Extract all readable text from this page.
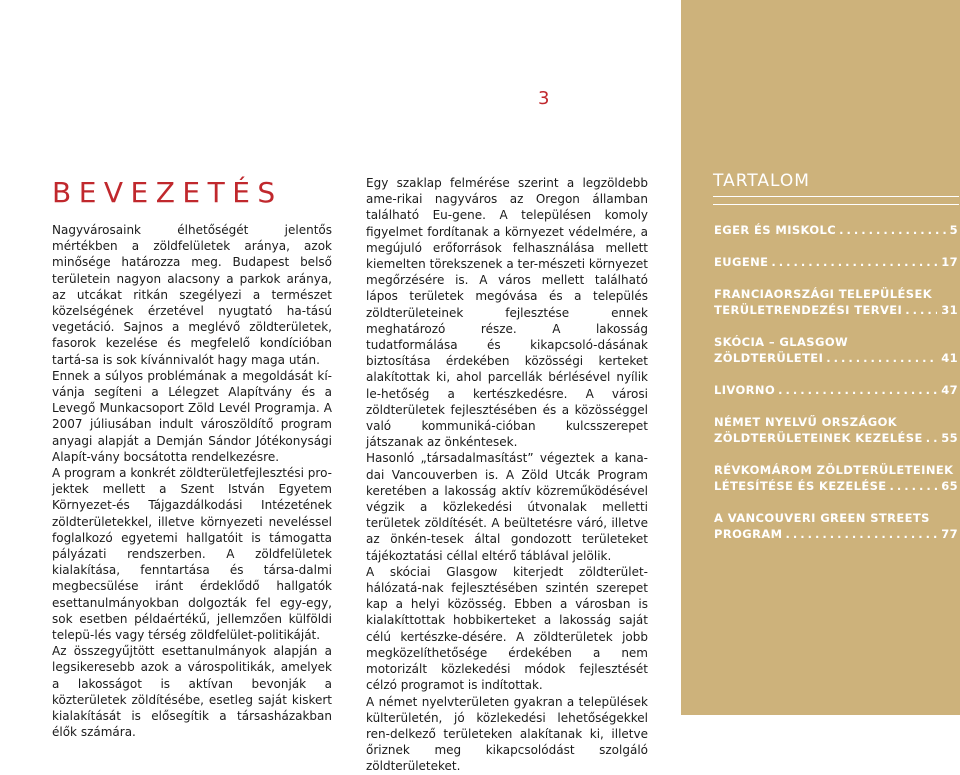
3
BEVEZETÉS

Nagyvárosaink élhetőségét jelentős mértékben a zöldfelületek aránya, azok minősége határozza meg. Budapest belső területein nagyon alacsony a parkok aránya, az utcákat ritkán szegélyezi a természet közelségének érzetével nyugtató ha-tású vegetáció. Sajnos a meglévő zöldterületek, fasorok kezelése és megfelelő kondícióban tartá-sa is sok kívánnivalót hagy maga után.

Ennek a súlyos problémának a megoldását kí-vánja segíteni a Lélegzet Alapítvány és a Levegő Munkacsoport Zöld Levél Programja. A 2007 júliusában indult városzöldítő program anyagi alapját a Demján Sándor Jótékonysági Alapít-vány bocsátotta rendelkezésre.

A program a konkrét zöldterületfejlesztési pro-jektek mellett a Szent István Egyetem Környezet-és Tájgazdálkodási Intézetének zöldterületekkel, illetve környezeti neveléssel foglalkozó egyetemi hallgatóit is támogatta pályázati rendszerben. A zöldfelületek kialakítása, fenntartása és társa-dalmi megbecsülése iránt érdeklődő hallgatók esettanulmányokban dolgozták fel egy-egy, sok esetben példaértékű, jellemzően külföldi telepü-lés vagy térség zöldfelület-politikáját.

Az összegyűjtött esettanulmányok alapján a legsikeresebb azok a várospolitikák, amelyek a lakosságot is aktívan bevonják a közterületek zöldítésébe, esetleg saját kiskert kialakítását is elősegítik a társasházakban élők számára.

Egy szaklap felmérése szerint a legzöldebb ame-rikai nagyváros az Oregon államban található Eu-gene. A településen komoly figyelmet fordítanak a környezet védelmére, a megújuló erőforrások felhasználása mellett kiemelten törekszenek a ter-mészeti környezet megőrzésére is. A város mellett található lápos területek megóvása és a település zöldterületeinek fejlesztése ennek meghatározó része. A lakosság tudatformálása és kikapcsoló-dásának biztosítása érdekében közösségi kerteket alakítottak ki, ahol parcellák bérlésével nyílik le-hetőség a kertészkedésre. A városi zöldterületek fejlesztésében és a közösséggel való kommuniká-cióban kulcsszerepet játszanak az önkéntesek.

Hasonló „társadalmasítást” végeztek a kana-dai Vancouverben is. A Zöld Utcák Program keretében a lakosság aktív közreműködésével végzik a közlekedési útvonalak melletti területek zöldítését. A beültetésre váró, illetve az önkén-tesek által gondozott területeket tájékoztatási céllal eltérő táblával jelölik.

A skóciai Glasgow kiterjedt zöldterület-hálózatá-nak fejlesztésében szintén szerepet kap a helyi közösség. Ebben a városban is kialakíttottak hobbikerteket a lakosság saját célú kertészke-désére. A zöldterületek jobb megközelíthetősége érdekében a nem motorizált közlekedési módok fejlesztését célzó programot is indítottak.

A német nyelvterületen gyakran a települések külterületén, jó közlekedési lehetőségekkel ren-delkező területeken alakítanak ki, illetve őriznek meg kikapcsolódást szolgáló zöldterületeket.

TARTALOM
EGER ÉS MISKOLC . . .	5
EUGENE . . .	17
FRANCIAORSZÁGI TELEPÜLÉSEK
TERÜLETRENDEZÉSI TERVEI . . .	31
SKÓCIA – GLASGOW
ZÖLDTERÜLETEI . . .	41
LIVORNO . . .	47
NÉMET NYELVŰ ORSZÁGOK
ZÖLDTERÜLETEINEK KEZELÉSE . . . 55
RÉVKOMÁROM ZÖLDTERÜLETEINEK
LÉTESÍTÉSE ÉS KEZELÉSE . . .	65
A VANCOUVERI GREEN STREETS
PROGRAM . . .	77
